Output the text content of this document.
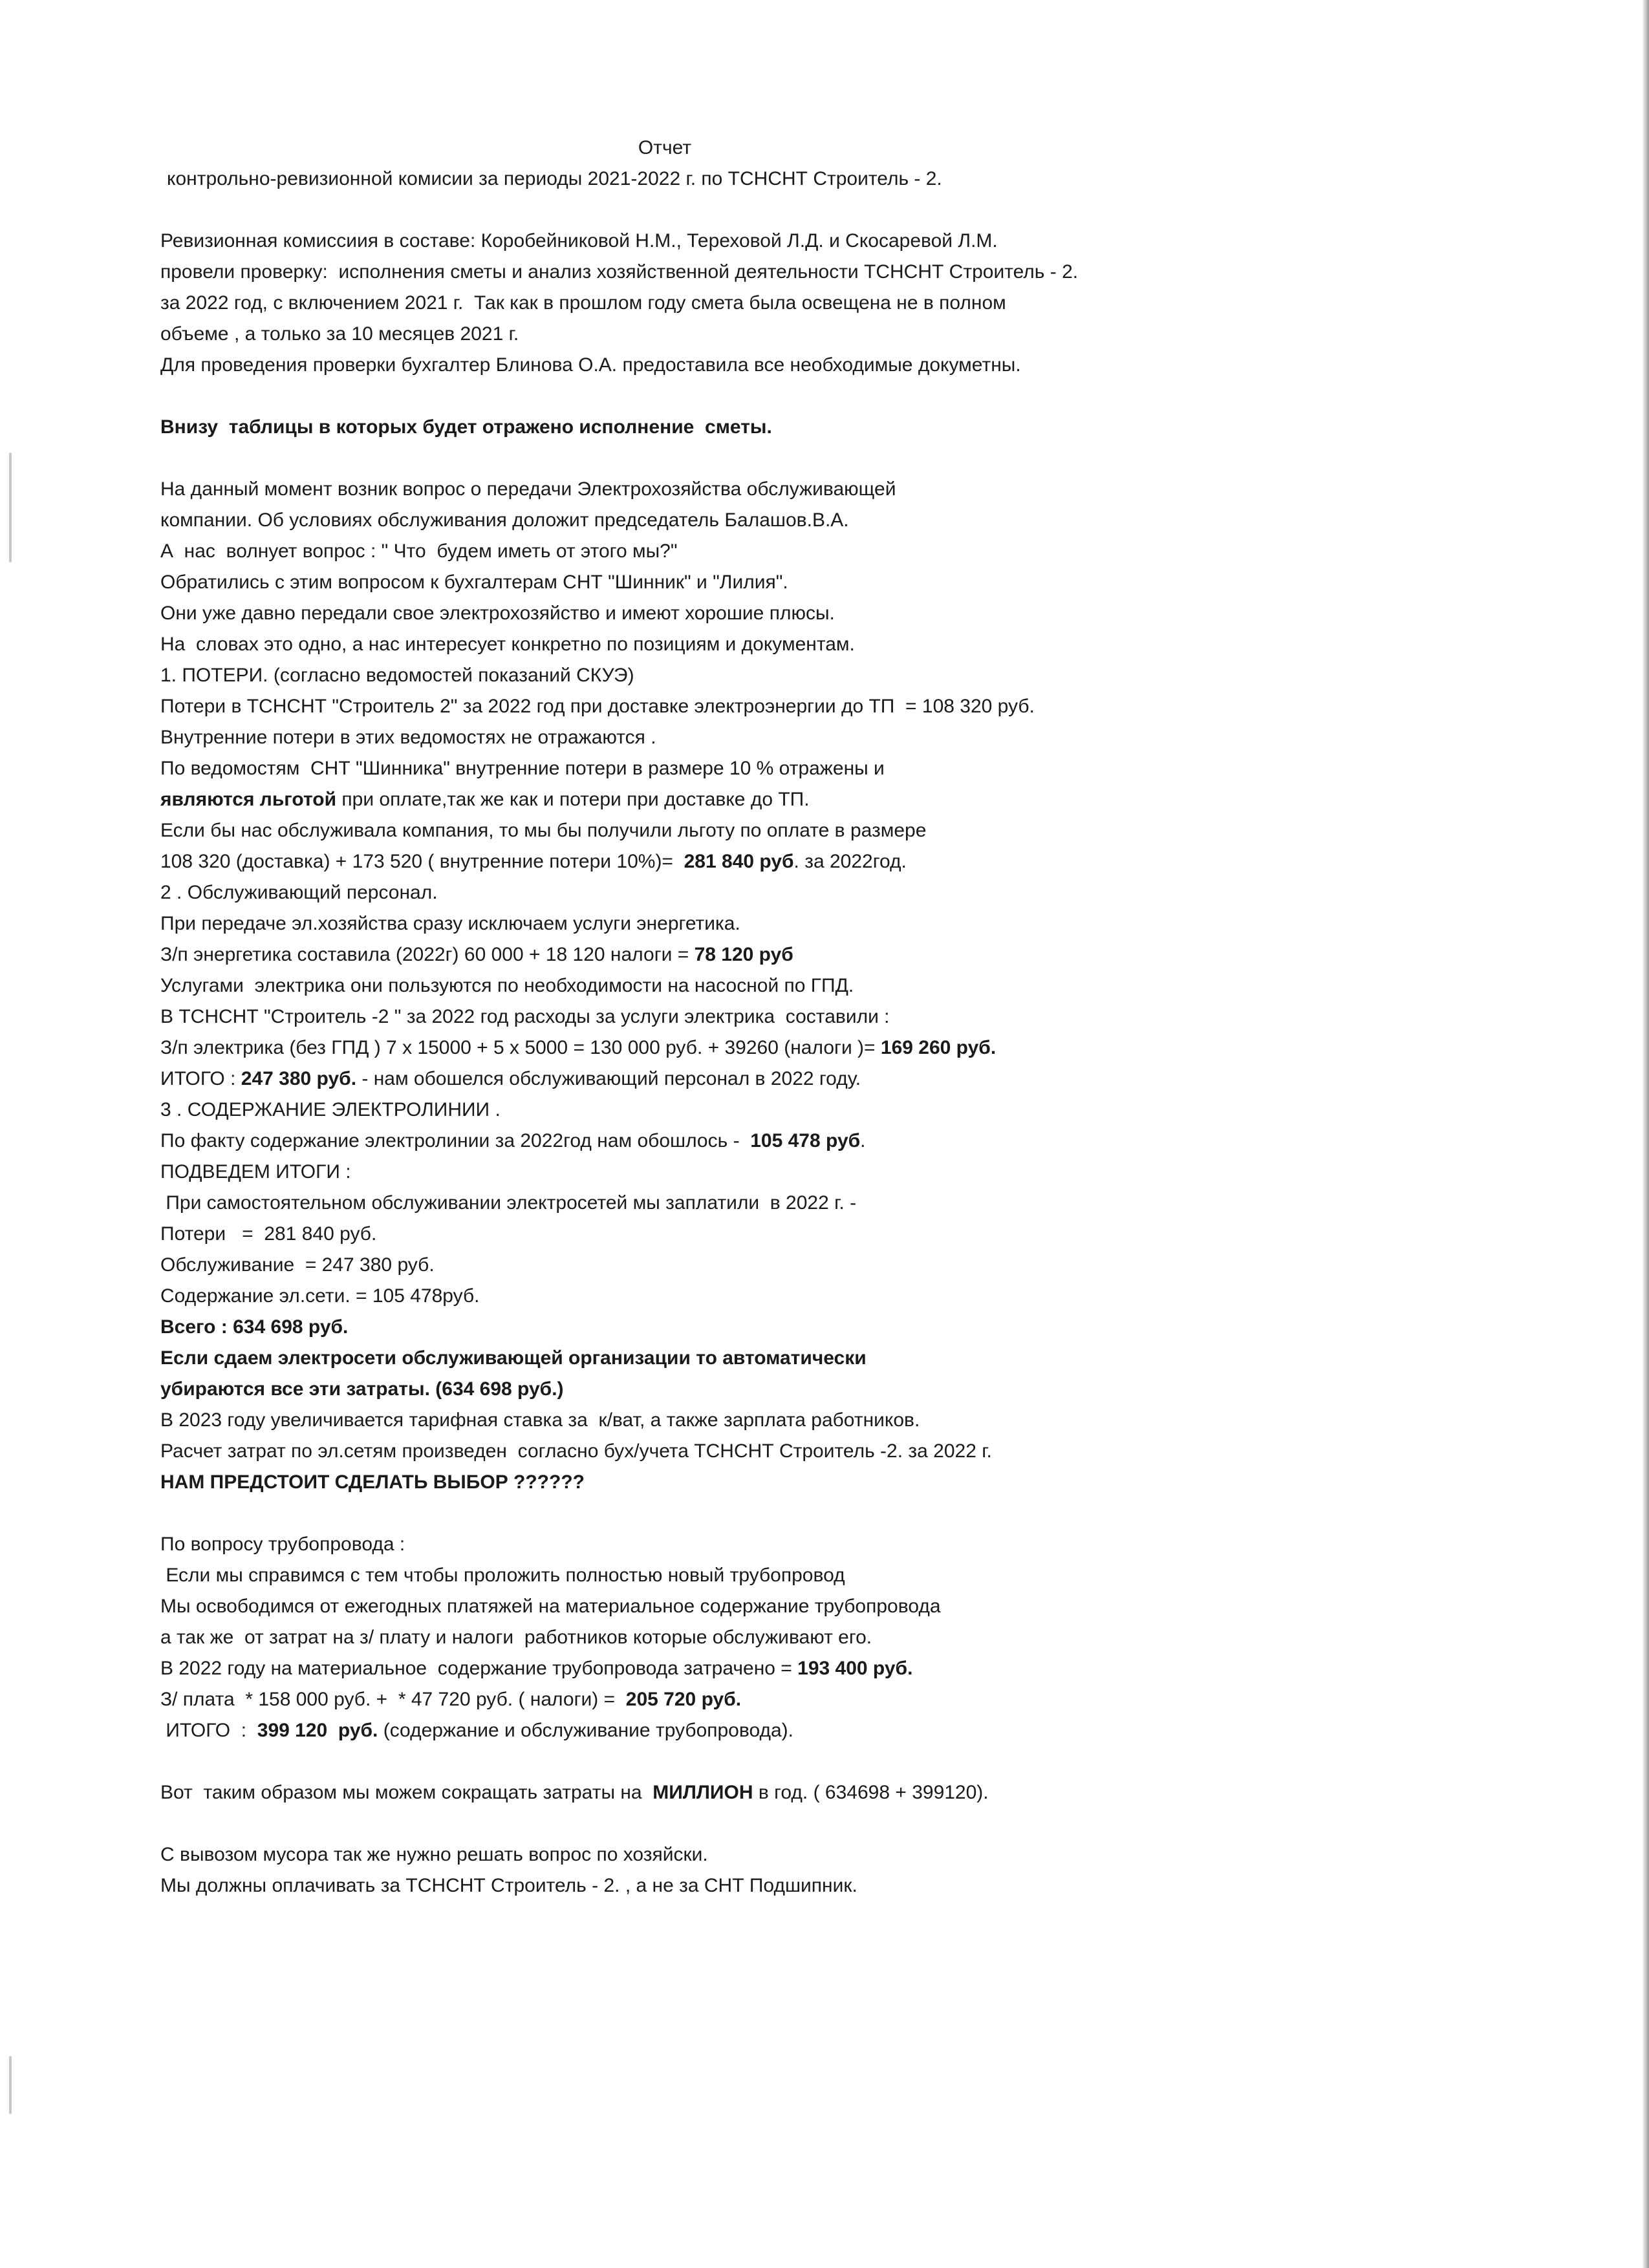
Отчет
контрольно-ревизионной комисии за периоды 2021-2022 г. по ТСНСНТ Строитель - 2.
Ревизионная комиссиия в составе: Коробейниковой Н.М., Тереховой Л.Д. и Скосаревой Л.М.
провели проверку:  исполнения сметы и анализ хозяйственной деятельности ТСНСНТ Строитель - 2.
за 2022 год, с включением 2021 г.  Так как в прошлом году смета была освещена не в полном
объеме , а только за 10 месяцев 2021 г.
Для проведения проверки бухгалтер Блинова О.А. предоставила все необходимые докуметны.
Внизу  таблицы в которых будет отражено исполнение  сметы.
На данный момент возник вопрос о передачи Электрохозяйства обслуживающей
компании. Об условиях обслуживания доложит председатель Балашов.В.А.
А  нас  волнует вопрос : " Что  будем иметь от этого мы?"
Обратились с этим вопросом к бухгалтерам СНТ "Шинник" и "Лилия".
Они уже давно передали свое электрохозяйство и имеют хорошие плюсы.
На  словах это одно, а нас интересует конкретно по позициям и документам.
1. ПОТЕРИ. (согласно ведомостей показаний СКУЭ)
Потери в ТСНСНТ "Строитель 2" за 2022 год при доставке электроэнергии до ТП  = 108 320 руб.
Внутренние потери в этих ведомостях не отражаются .
По ведомостям  СНТ "Шинника" внутренние потери в размере 10 % отражены и
являются льготой при оплате,так же как и потери при доставке до ТП.
Если бы нас обслуживала компания, то мы бы получили льготу по оплате в размере
108 320 (доставка) + 173 520 ( внутренние потери 10%)=  281 840 руб. за 2022год.
2 . Обслуживающий персонал.
При передаче эл.хозяйства сразу исключаем услуги энергетика.
З/п энергетика составила (2022г) 60 000 + 18 120 налоги = 78 120 руб
Услугами  электрика они пользуются по необходимости на насосной по ГПД.
В ТСНСНТ "Строитель -2 " за 2022 год расходы за услуги электрика  составили :
З/п электрика (без ГПД ) 7 х 15000 + 5 х 5000 = 130 000 руб. + 39260 (налоги )= 169 260 руб.
ИТОГО : 247 380 руб. - нам обошелся обслуживающий персонал в 2022 году.
3 . СОДЕРЖАНИЕ ЭЛЕКТРОЛИНИИ .
По факту содержание электролинии за 2022год нам обошлось -  105 478 руб.
ПОДВЕДЕМ ИТОГИ :
При самостоятельном обслуживании электросетей мы заплатили  в 2022 г. -
Потери   =  281 840 руб.
Обслуживание  = 247 380 руб.
Содержание эл.сети. = 105 478руб.
Всего : 634 698 руб.
Если сдаем электросети обслуживающей организации то автоматически
убираются все эти затраты. (634 698 руб.)
В 2023 году увеличивается тарифная ставка за  к/ват, а также зарплата работников.
Расчет затрат по эл.сетям произведен  согласно бух/учета ТСНСНТ Строитель -2. за 2022 г.
НАМ ПРЕДСТОИТ СДЕЛАТЬ ВЫБОР ??????
По вопросу трубопровода :
Если мы справимся с тем чтобы проложить полностью новый трубопровод
Мы освободимся от ежегодных платяжей на материальное содержание трубопровода
а так же  от затрат на з/ плату и налоги  работников которые обслуживают его.
В 2022 году на материальное  содержание трубопровода затрачено = 193 400 руб.
З/ плата  * 158 000 руб. +  * 47 720 руб. ( налоги) =  205 720 руб.
ИТОГО  :  399 120  руб. (содержание и обслуживание трубопровода).
Вот  таким образом мы можем сокращать затраты на  МИЛЛИОН в год. ( 634698 + 399120).
С вывозом мусора так же нужно решать вопрос по хозяйски.
Мы должны оплачивать за ТСНСНТ Строитель - 2. , а не за СНТ Подшипник.
